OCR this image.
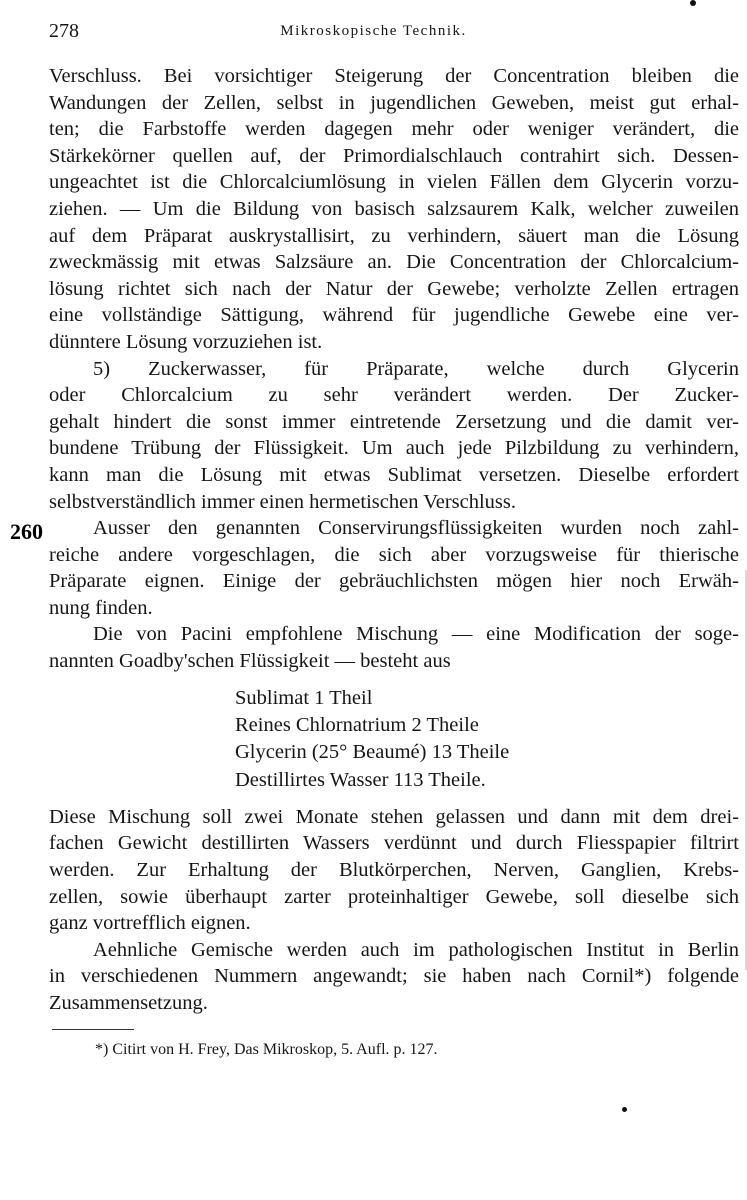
278	Mikroskopische Technik.
260
Verschluss. Bei vorsichtiger Steigerung der Concentration bleiben die
Wandungen der Zellen, selbst in jugendlichen Geweben, meist gut erhal-
ten; die Farbstoffe werden dagegen mehr oder weniger verändert, die
Stärkekörner quellen auf, der Primordialschlauch contrahirt sich. Dessen-
ungeachtet ist die Chlorcalciumlösung in vielen Fällen dem Glycerin vorzu-
ziehen. — Um die Bildung von basisch salzsaurem Kalk, welcher zuweilen
auf dem Präparat auskrystallisirt, zu verhindern, säuert man die Lösung
zweckmässig mit etwas Salzsäure an. Die Concentration der Chlorcalcium-
lösung richtet sich nach der Natur der Gewebe; verholzte Zellen ertragen
eine vollständige Sättigung, während für jugendliche Gewebe eine ver-
dünntere Lösung vorzuziehen ist.
5) Zuckerwasser, für Präparate, welche durch Glycerin
oder Chlorcalcium zu sehr verändert werden. Der Zucker-
gehalt hindert die sonst immer eintretende Zersetzung und die damit ver-
bundene Trübung der Flüssigkeit. Um auch jede Pilzbildung zu verhindern,
kann man die Lösung mit etwas Sublimat versetzen. Dieselbe erfordert
selbstverständlich immer einen hermetischen Verschluss.
Ausser den genannten Conservirungsflüssigkeiten wurden noch zahl-
reiche andere vorgeschlagen, die sich aber vorzugsweise für thierische
Präparate eignen. Einige der gebräuchlichsten mögen hier noch Erwäh-
nung finden.
Die von Pacini empfohlene Mischung — eine Modification der soge-
nannten Goadby'schen Flüssigkeit — besteht aus
Sublimat 1 Theil
Reines Chlornatrium 2 Theile
Glycerin (25° Beaumé) 13 Theile
Destillirtes Wasser 113 Theile.
Diese Mischung soll zwei Monate stehen gelassen und dann mit dem drei-
fachen Gewicht destillirten Wassers verdünnt und durch Fliesspapier filtrirt
werden. Zur Erhaltung der Blutkörperchen, Nerven, Ganglien, Krebs-
zellen, sowie überhaupt zarter proteinhaltiger Gewebe, soll dieselbe sich
ganz vortrefflich eignen.
Aehnliche Gemische werden auch im pathologischen Institut in Berlin
in verschiedenen Nummern angewandt; sie haben nach Cornil*) folgende
Zusammensetzung.
*) Citirt von H. Frey, Das Mikroskop, 5. Aufl. p. 127.
